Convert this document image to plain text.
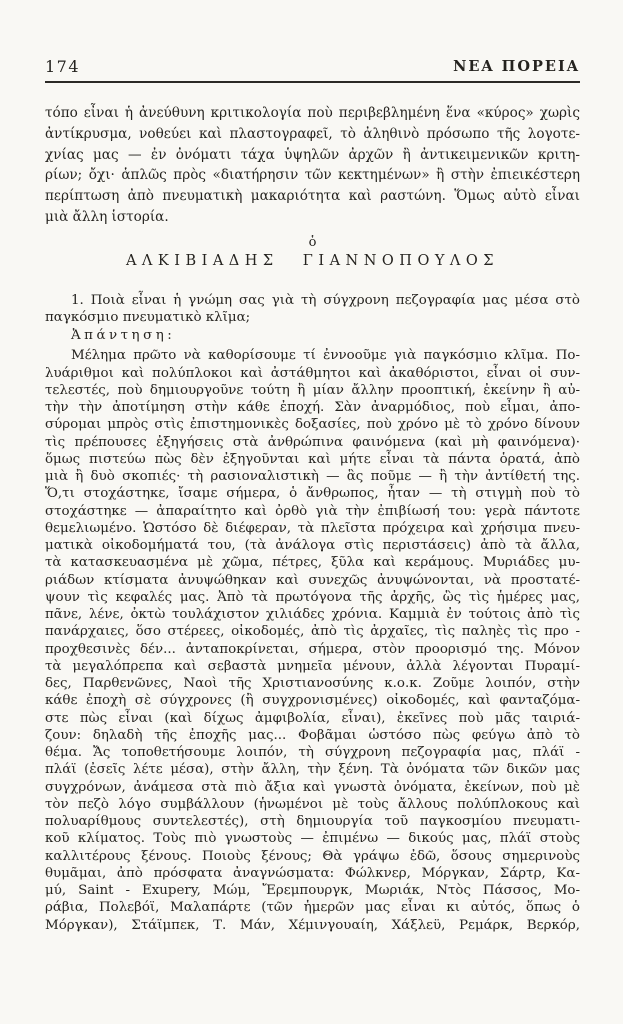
174	ΝΕΑ ΠΟΡΕΙΑ
τόπο εἶναι ἡ ἀνεύθυνη κριτικολογία ποὺ περιβεβλημένη ἕνα «κύρος» χωρὶς
ἀντίκρυσμα, νοθεύει καὶ πλαστογραφεῖ, τὸ ἀληθινὸ πρόσωπο τῆς λογοτε-
χνίας μας — ἐν ὀνόματι τάχα ὑψηλῶν ἀρχῶν ἢ ἀντικειμενικῶν κριτη-
ρίων; ὄχι· ἁπλῶς πρὸς «διατήρησιν τῶν κεκτημένων» ἢ στὴν ἐπιεικέστερη
περίπτωση ἀπὸ πνευματικὴ μακαριότητα καὶ ραστώνη. Ὅμως αὐτὸ εἶναι
μιὰ ἄλλη ἱστορία.
ὁ
ΑΛΚΙΒΙΑΔΗΣ ΓΙΑΝΝΟΠΟΥΛΟΣ
1. Ποιὰ εἶναι ἡ γνώμη σας γιὰ τὴ σύγχρονη πεζογραφία μας μέσα στὸ
παγκόσμιο πνευματικὸ κλῖμα;
Ἀπάντηση:
Μέλημα πρῶτο νὰ καθορίσουμε τί ἐννοοῦμε γιὰ παγκόσμιο κλῖμα. Πο-
λυάριθμοι καὶ πολύπλοκοι καὶ ἀστάθμητοι καὶ ἀκαθόριστοι, εἶναι οἱ συν-
τελεστές, ποὺ δημιουργοῦνε τούτη ἢ μίαν ἄλλην προοπτική, ἐκείνην ἢ αὐ-
τὴν τὴν ἀποτίμηση στὴν κάθε ἐποχή. Σὰν ἀναρμόδιος, ποὺ εἶμαι, ἀπο-
σύρομαι μπρὸς στὶς ἐπιστημονικὲς δοξασίες, ποὺ χρόνο μὲ τὸ χρόνο δίνουν
τὶς πρέπουσες ἐξηγήσεις στὰ ἀνθρώπινα φαινόμενα (καὶ μὴ φαινόμενα)·
ὅμως πιστεύω πὼς δὲν ἐξηγοῦνται καὶ μήτε εἶναι τὰ πάντα ὁρατά, ἀπὸ
μιὰ ἢ δυὸ σκοπιές· τὴ ρασιοναλιστικὴ — ἃς ποῦμε — ἢ τὴν ἀντίθετή της.
Ὅ,τι στοχάστηκε, ἴσαμε σήμερα, ὁ ἄνθρωπος, ἦταν — τὴ στιγμὴ ποὺ τὸ
στοχάστηκε — ἀπαραίτητο καὶ ὀρθὸ γιὰ τὴν ἐπιβίωσή του: γερὰ πάντοτε
θεμελιωμένο. Ὡστόσο δὲ διέφεραν, τὰ πλεῖστα πρόχειρα καὶ χρήσιμα πνευ-
ματικὰ οἰκοδομήματά του, (τὰ ἀνάλογα στὶς περιστάσεις) ἀπὸ τὰ ἄλλα,
τὰ κατασκευασμένα μὲ χῶμα, πέτρες, ξῦλα καὶ κεράμους. Μυριάδες μυ-
ριάδων κτίσματα ἀνυψώθηκαν καὶ συνεχῶς ἀνυψώνονται, νὰ προστατέ-
ψουν τὶς κεφαλές μας. Ἀπὸ τὰ πρωτόγονα τῆς ἀρχῆς, ὣς τὶς ἡμέρες μας,
πᾶνε, λένε, ὀκτὼ τουλάχιστον χιλιάδες χρόνια. Καμμιὰ ἐν τούτοις ἀπὸ τὶς
πανάρχαιες, ὅσο στέρεες, οἰκοδομές, ἀπὸ τὶς ἀρχαῖες, τὶς παληὲς τὶς προ -
προχθεσινὲς δέν... ἀνταποκρίνεται, σήμερα, στὸν προορισμό της. Μόνον
τὰ μεγαλόπρεπα καὶ σεβαστὰ μνημεῖα μένουν, ἀλλὰ λέγονται Πυραμί-
δες, Παρθενῶνες, Ναοὶ τῆς Χριστιανοσύνης κ.ο.κ. Ζοῦμε λοιπόν, στὴν
κάθε ἐποχὴ σὲ σύγχρονες (ἢ συγχρονισμένες) οἰκοδομές, καὶ φανταζόμα-
στε πὼς εἶναι (καὶ δίχως ἀμφιβολία, εἶναι), ἐκεῖνες ποὺ μᾶς ταιριά-
ζουν: δηλαδὴ τῆς ἐποχῆς μας... Φοβᾶμαι ὡστόσο πὼς φεύγω ἀπὸ τὸ
θέμα. Ἄς τοποθετήσουμε λοιπόν, τὴ σύγχρονη πεζογραφία μας, πλάϊ -
πλάϊ (ἐσεῖς λέτε μέσα), στὴν ἄλλη, τὴν ξένη. Τὰ ὀνόματα τῶν δικῶν μας
συγχρόνων, ἀνάμεσα στὰ πιὸ ἄξια καὶ γνωστὰ ὀνόματα, ἐκείνων, ποὺ μὲ
τὸν πεζὸ λόγο συμβάλλουν (ἡνωμένοι μὲ τοὺς ἄλλους πολύπλοκους καὶ
πολυαρίθμους συντελεστές), στὴ δημιουργία τοῦ παγκοσμίου πνευματι-
κοῦ κλίματος. Τοὺς πιὸ γνωστοὺς — ἐπιμένω — δικούς μας, πλάϊ στοὺς
καλλιτέρους ξένους. Ποιοὺς ξένους; Θὰ γράψω ἐδῶ, ὅσους σημερινοὺς
θυμᾶμαι, ἀπὸ πρόσφατα ἀναγνώσματα: Φώλκνερ, Μόργκαν, Σάρτρ, Κα-
μύ, Saint - Exupery, Μώμ, Ἔρεμπουργκ, Μωριάκ, Ντὸς Πάσσος, Μο-
ράβια, Πολεβόϊ, Μαλαπάρτε (τῶν ἡμερῶν μας εἶναι κι αὐτός, ὅπως ὁ
Μόργκαν), Στάϊμπεκ, Τ. Μάν, Χέμινγουαίη, Χάξλεϋ, Ρεμάρκ, Βερκόρ,
